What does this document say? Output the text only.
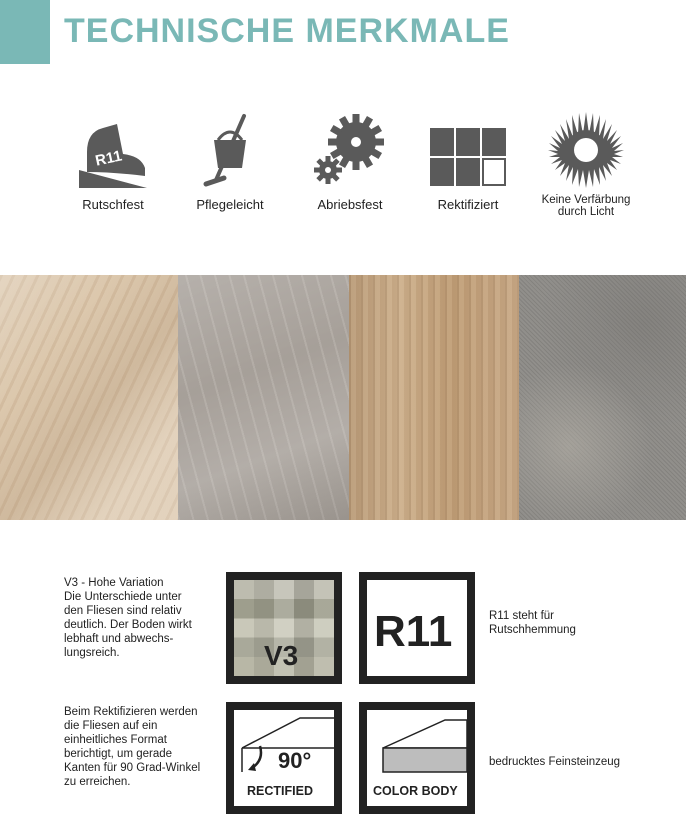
TECHNISCHE MERKMALE
R11
Rutschfest	Pflegeleicht	Abriebsfest	Rektifiziert	Keine Verfärbung
durch Licht
V3 - Hohe Variation
Die Unterschiede unter
den Fliesen sind relativ
deutlich. Der Boden wirkt
lebhaft und abwechs-
lungsreich.	V3 R11	R11 steht für
Rutschhemmung
Beim Rektifizieren werden
die Fliesen auf ein
einheitliches Format
berichtigt, um gerade
Kanten für 90 Grad-Winkel
zu erreichen.
90°
RECTIFIED	COLOR BODY
bedrucktes Feinsteinzeug
